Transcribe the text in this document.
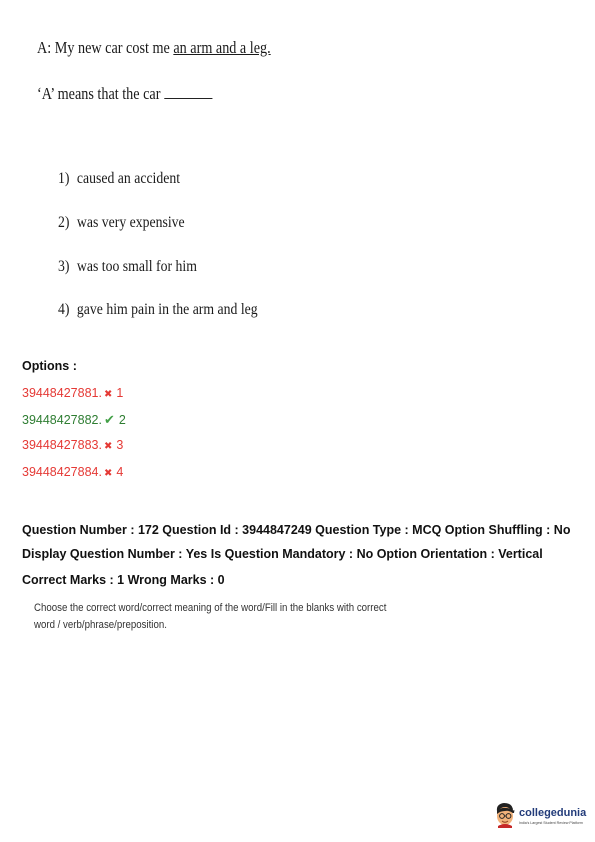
A: My new car cost me an arm and a leg.
‘A’ means that the car
1) caused an accident
2) was very expensive
3) was too small for him
4) gave him pain in the arm and leg
Options :
39448427881. ✖ 1
39448427882. ✔ 2
39448427883. ✖ 3
39448427884. ✖ 4
Question Number : 172 Question Id : 3944847249 Question Type : MCQ Option Shuffling : No
Display Question Number : Yes Is Question Mandatory : No Option Orientation : Vertical
Correct Marks : 1 Wrong Marks : 0
Choose the correct word/correct meaning of the word/Fill in the blanks with correct word / verb/phrase/preposition.
collegedunia
India's Largest Student Review Platform
